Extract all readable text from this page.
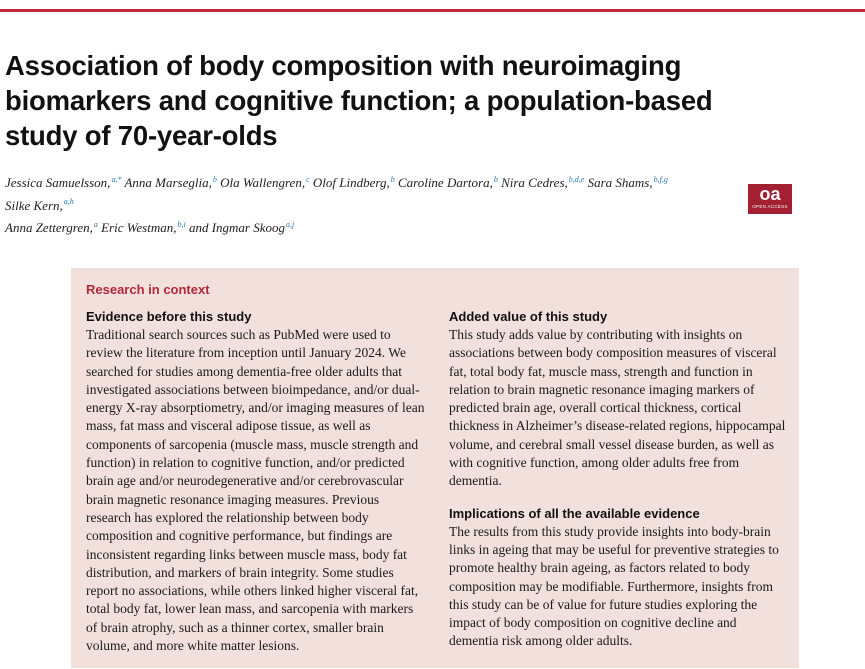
Association of body composition with neuroimaging biomarkers and cognitive function; a population-based study of 70-year-olds
Jessica Samuelsson,$^{a,*}$ Anna Marseglia,$^b$ Ola Wallengren,$^c$ Olof Lindberg,$^b$ Caroline Dartora,$^b$ Nira Cedres,$^{b,d,e}$ Sara Shams,$^{b,f,g}$ Silke Kern,$^{a,h}$
Anna Zettergren,$^a$ Eric Westman,$^{b,i}$ and Ingmar Skoog$^{a,j}$
oa
OPEN ACCESS
Research in context
Evidence before this study

Traditional search sources such as PubMed were used to review the literature from inception until January 2024. We searched for studies among dementia-free older adults that investigated associations between bioimpedance, and/or dual-energy X-ray absorptiometry, and/or imaging measures of lean mass, fat mass and visceral adipose tissue, as well as components of sarcopenia (muscle mass, muscle strength and function) in relation to cognitive function, and/or predicted brain age and/or neurodegenerative and/or cerebrovascular brain magnetic resonance imaging measures. Previous research has explored the relationship between body composition and cognitive performance, but findings are inconsistent regarding links between muscle mass, body fat distribution, and markers of brain integrity. Some studies report no associations, while others linked higher visceral fat, total body fat, lower lean mass, and sarcopenia with markers of brain atrophy, such as a thinner cortex, smaller brain volume, and more white matter lesions.

Added value of this study

This study adds value by contributing with insights on associations between body composition measures of visceral fat, total body fat, muscle mass, strength and function in relation to brain magnetic resonance imaging markers of predicted brain age, overall cortical thickness, cortical thickness in Alzheimer’s disease-related regions, hippocampal volume, and cerebral small vessel disease burden, as well as with cognitive function, among older adults free from dementia.

Implications of all the available evidence

The results from this study provide insights into body-brain links in ageing that may be useful for preventive strategies to promote healthy brain ageing, as factors related to body composition may be modifiable. Furthermore, insights from this study can be of value for future studies exploring the impact of body composition on cognitive decline and dementia risk among older adults.
